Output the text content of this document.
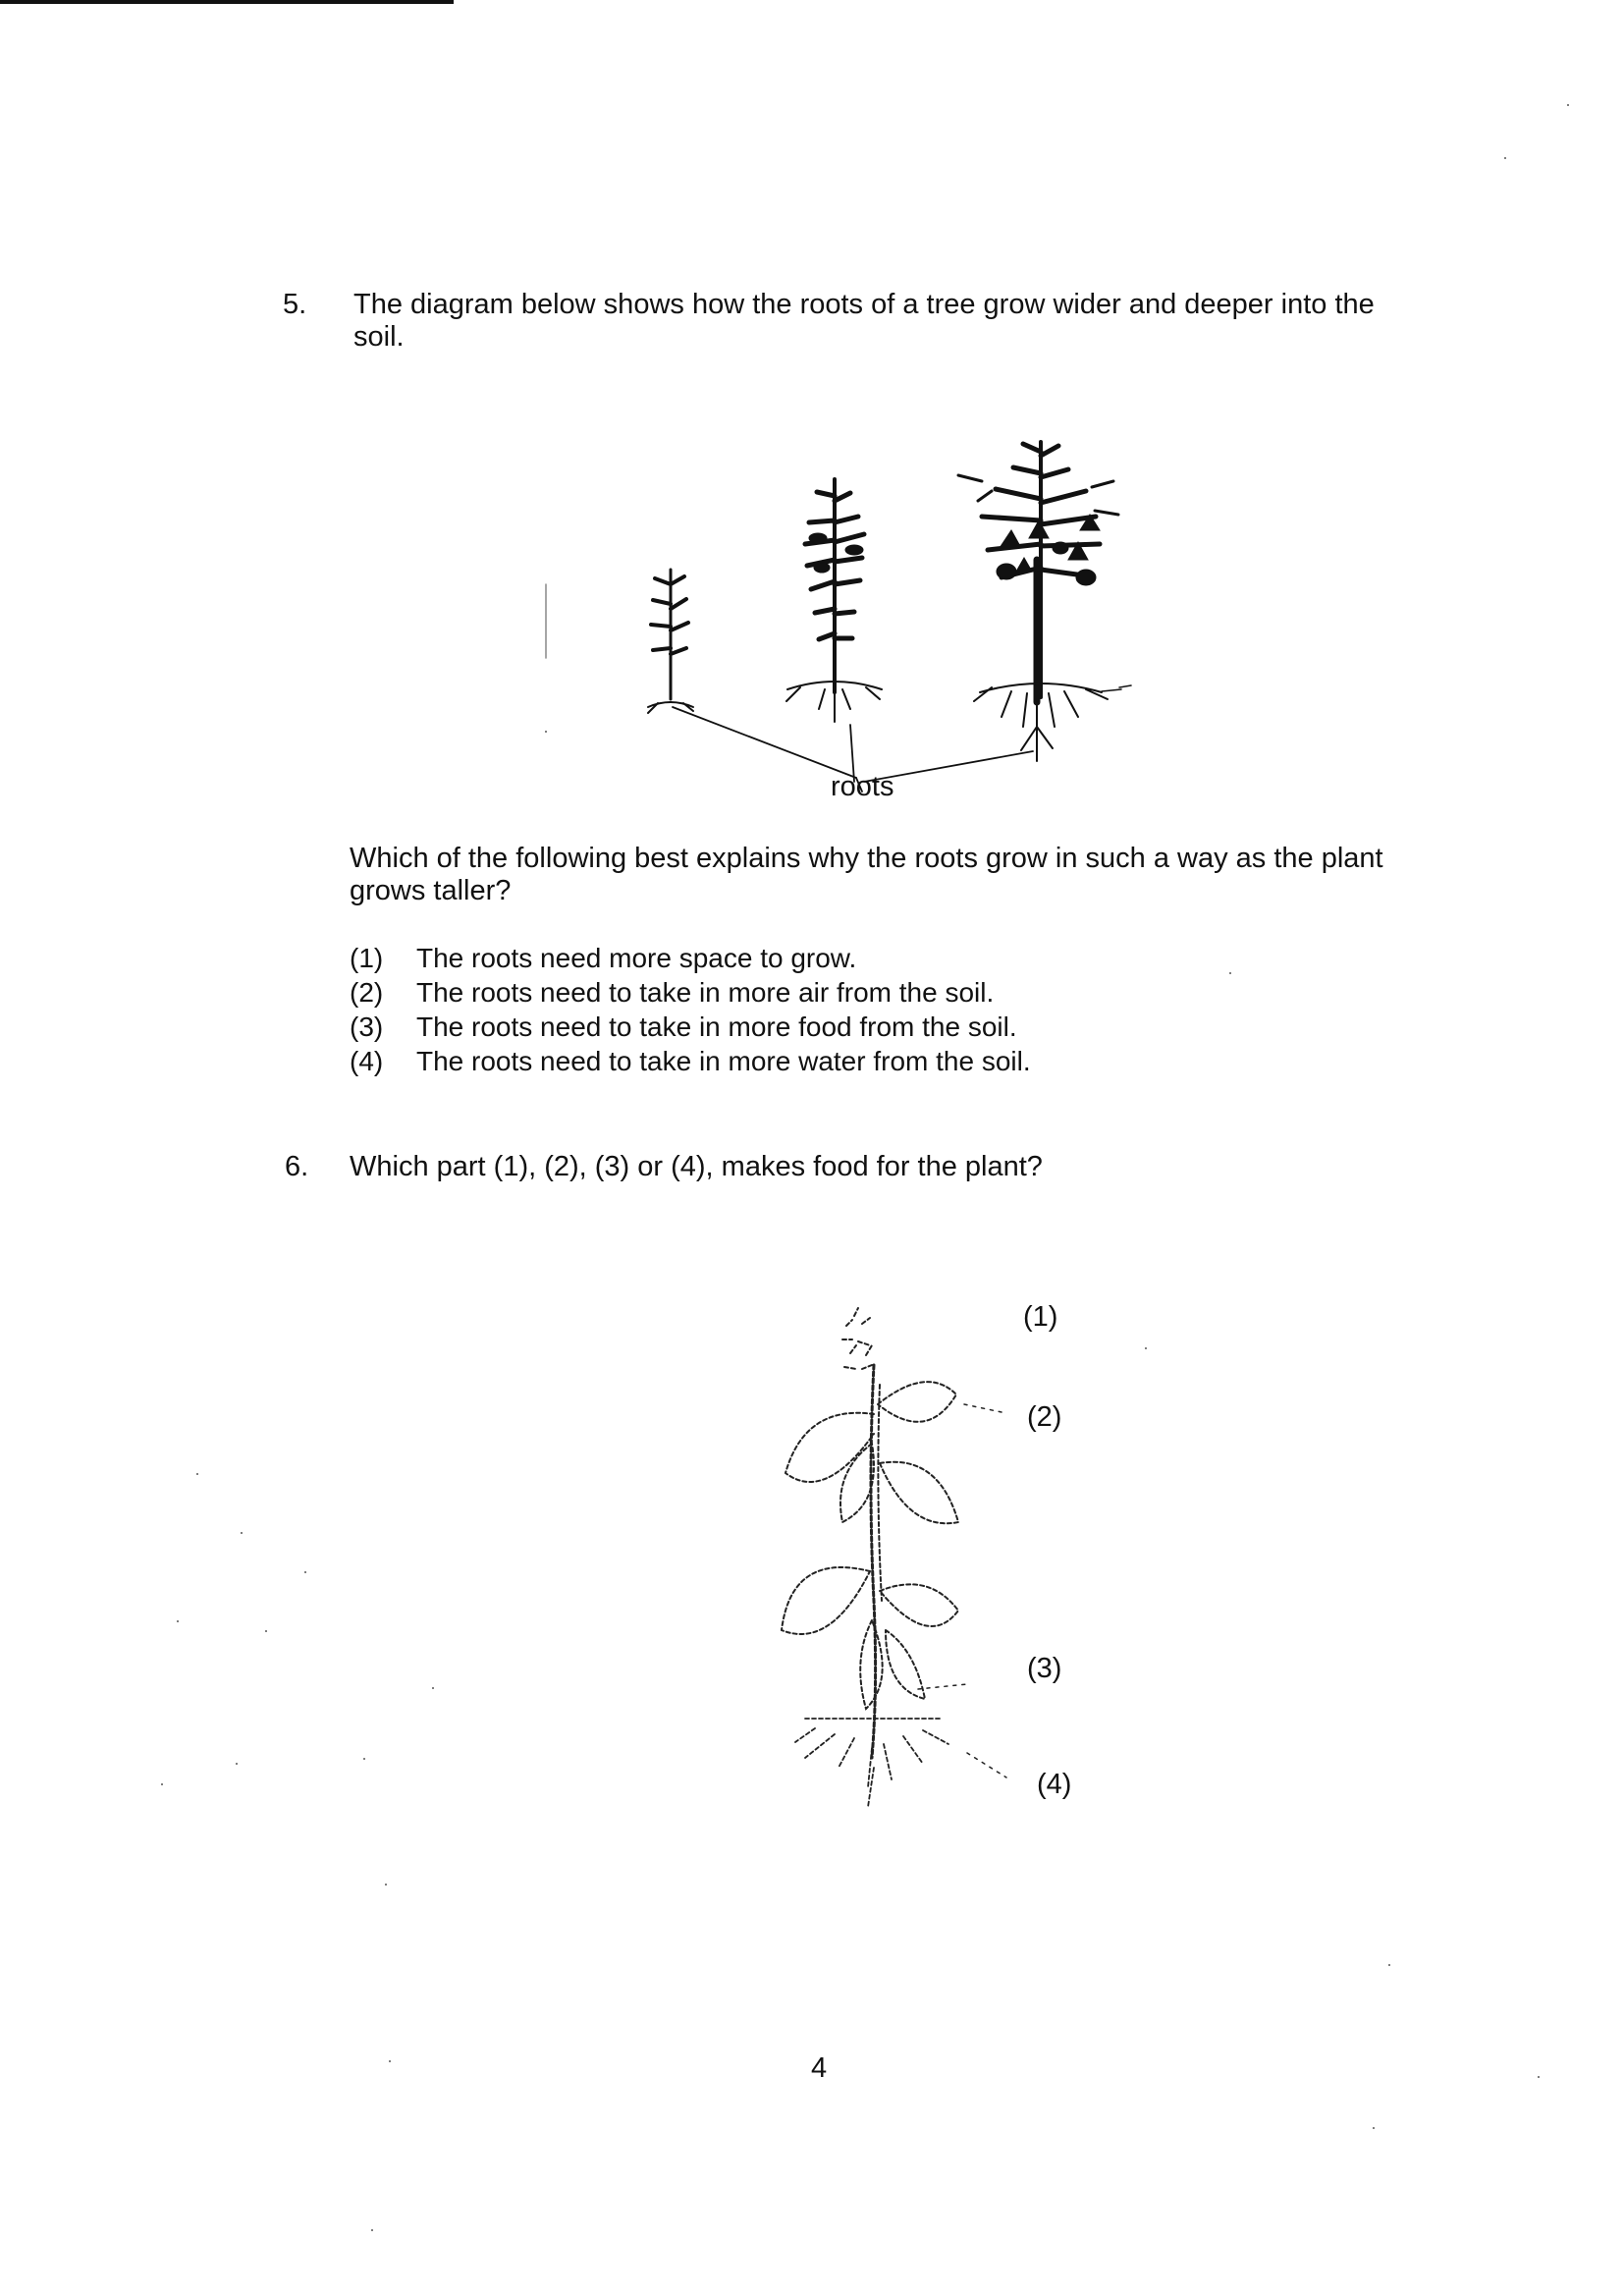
5. The diagram below shows how the roots of a tree grow wider and deeper into the soil.
roots
Which of the following best explains why the roots grow in such a way as the plant grows taller?
(1) The roots need more space to grow.
(2) The roots need to take in more air from the soil.
(3) The roots need to take in more food from the soil.
(4) The roots need to take in more water from the soil.
6. Which part (1), (2), (3) or (4), makes food for the plant?
(1)
(2)
(3)
(4)
4
